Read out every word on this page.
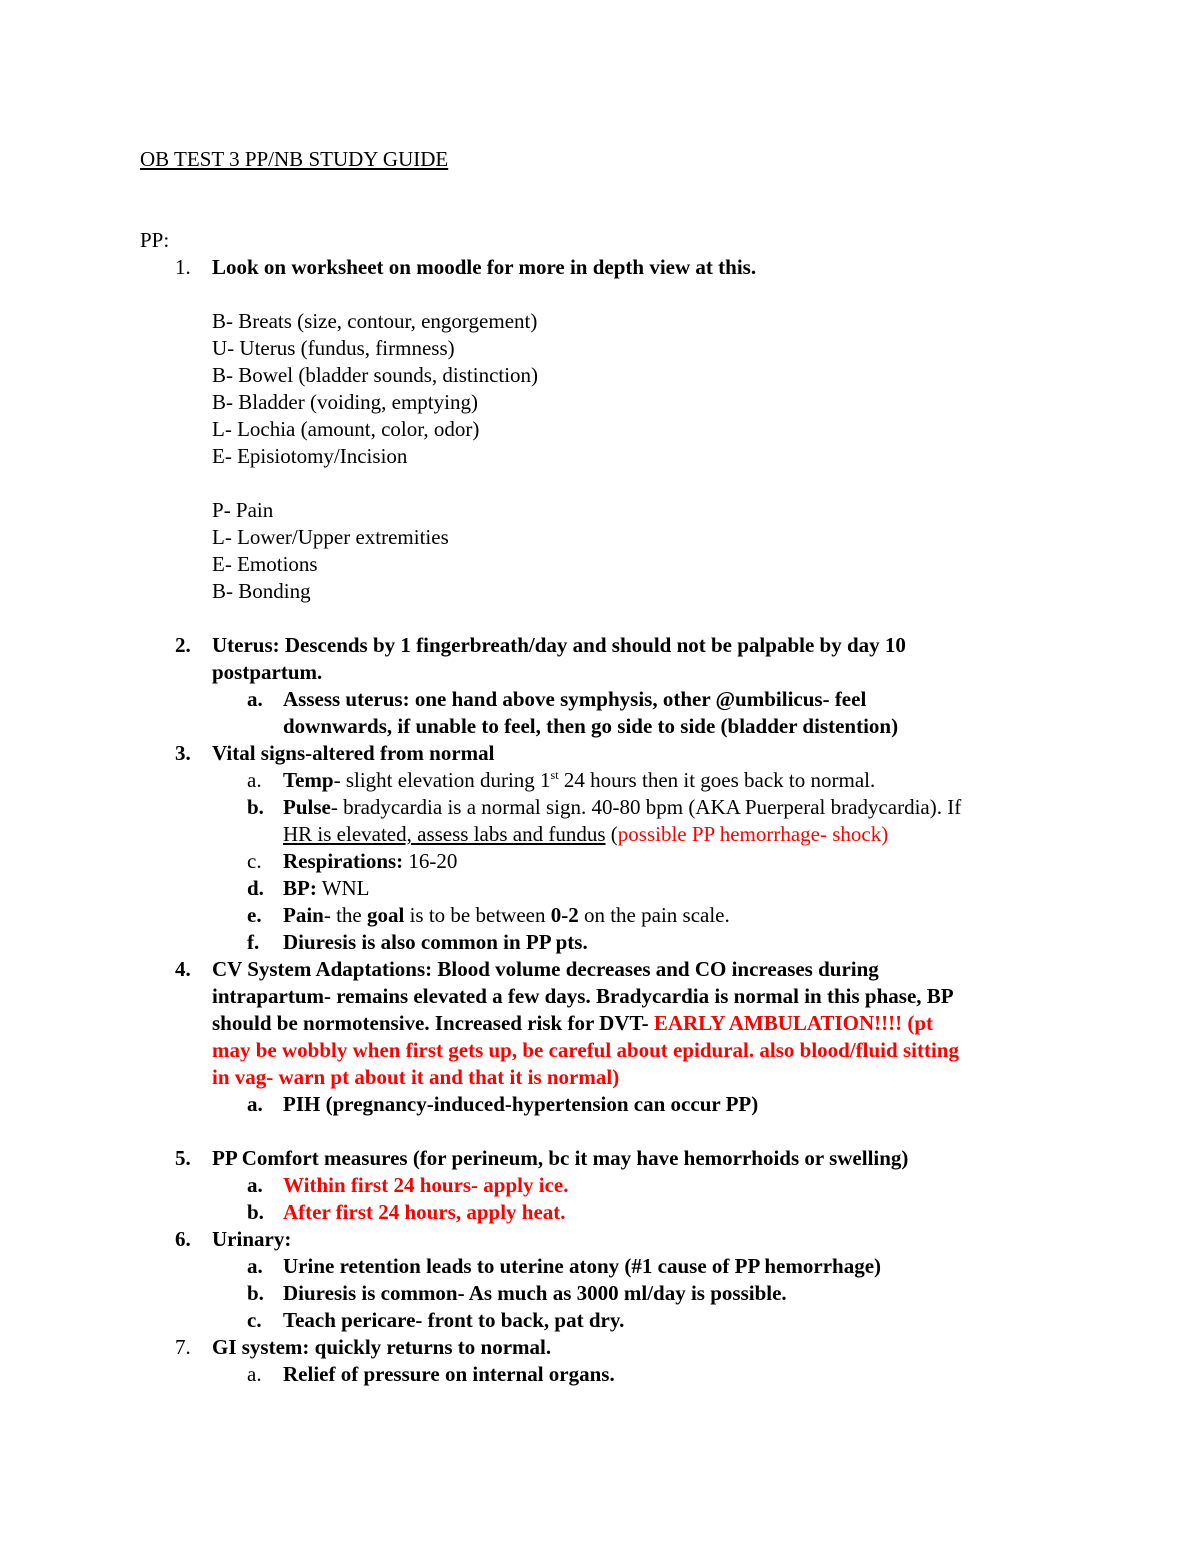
OB TEST 3 PP/NB STUDY GUIDE
PP:
1. Look on worksheet on moodle for more in depth view at this.
B- Breats (size, contour, engorgement)
U- Uterus (fundus, firmness)
B- Bowel (bladder sounds, distinction)
B- Bladder (voiding, emptying)
L- Lochia (amount, color, odor)
E- Episiotomy/Incision
P- Pain
L- Lower/Upper extremities
E- Emotions
B- Bonding
2. Uterus: Descends by 1 fingerbreath/day and should not be palpable by day 10
postpartum.
a. Assess uterus: one hand above symphysis, other @umbilicus- feel
downwards, if unable to feel, then go side to side (bladder distention)
3. Vital signs-altered from normal
a. Temp- slight elevation during 1st 24 hours then it goes back to normal.
b. Pulse- bradycardia is a normal sign. 40-80 bpm (AKA Puerperal bradycardia). If
HR is elevated, assess labs and fundus (possible PP hemorrhage- shock)
c. Respirations: 16-20
d. BP: WNL
e. Pain- the goal is to be between 0-2 on the pain scale.
f. Diuresis is also common in PP pts.
4. CV System Adaptations: Blood volume decreases and CO increases during
intrapartum- remains elevated a few days. Bradycardia is normal in this phase, BP
should be normotensive. Increased risk for DVT- EARLY AMBULATION!!!! (pt
may be wobbly when first gets up, be careful about epidural. also blood/fluid sitting
in vag- warn pt about it and that it is normal)
a. PIH (pregnancy-induced-hypertension can occur PP)
5. PP Comfort measures (for perineum, bc it may have hemorrhoids or swelling)
a. Within first 24 hours- apply ice.
b. After first 24 hours, apply heat.
6. Urinary:
a. Urine retention leads to uterine atony (#1 cause of PP hemorrhage)
b. Diuresis is common- As much as 3000 ml/day is possible.
c. Teach pericare- front to back, pat dry.
7. GI system: quickly returns to normal.
a. Relief of pressure on internal organs.
